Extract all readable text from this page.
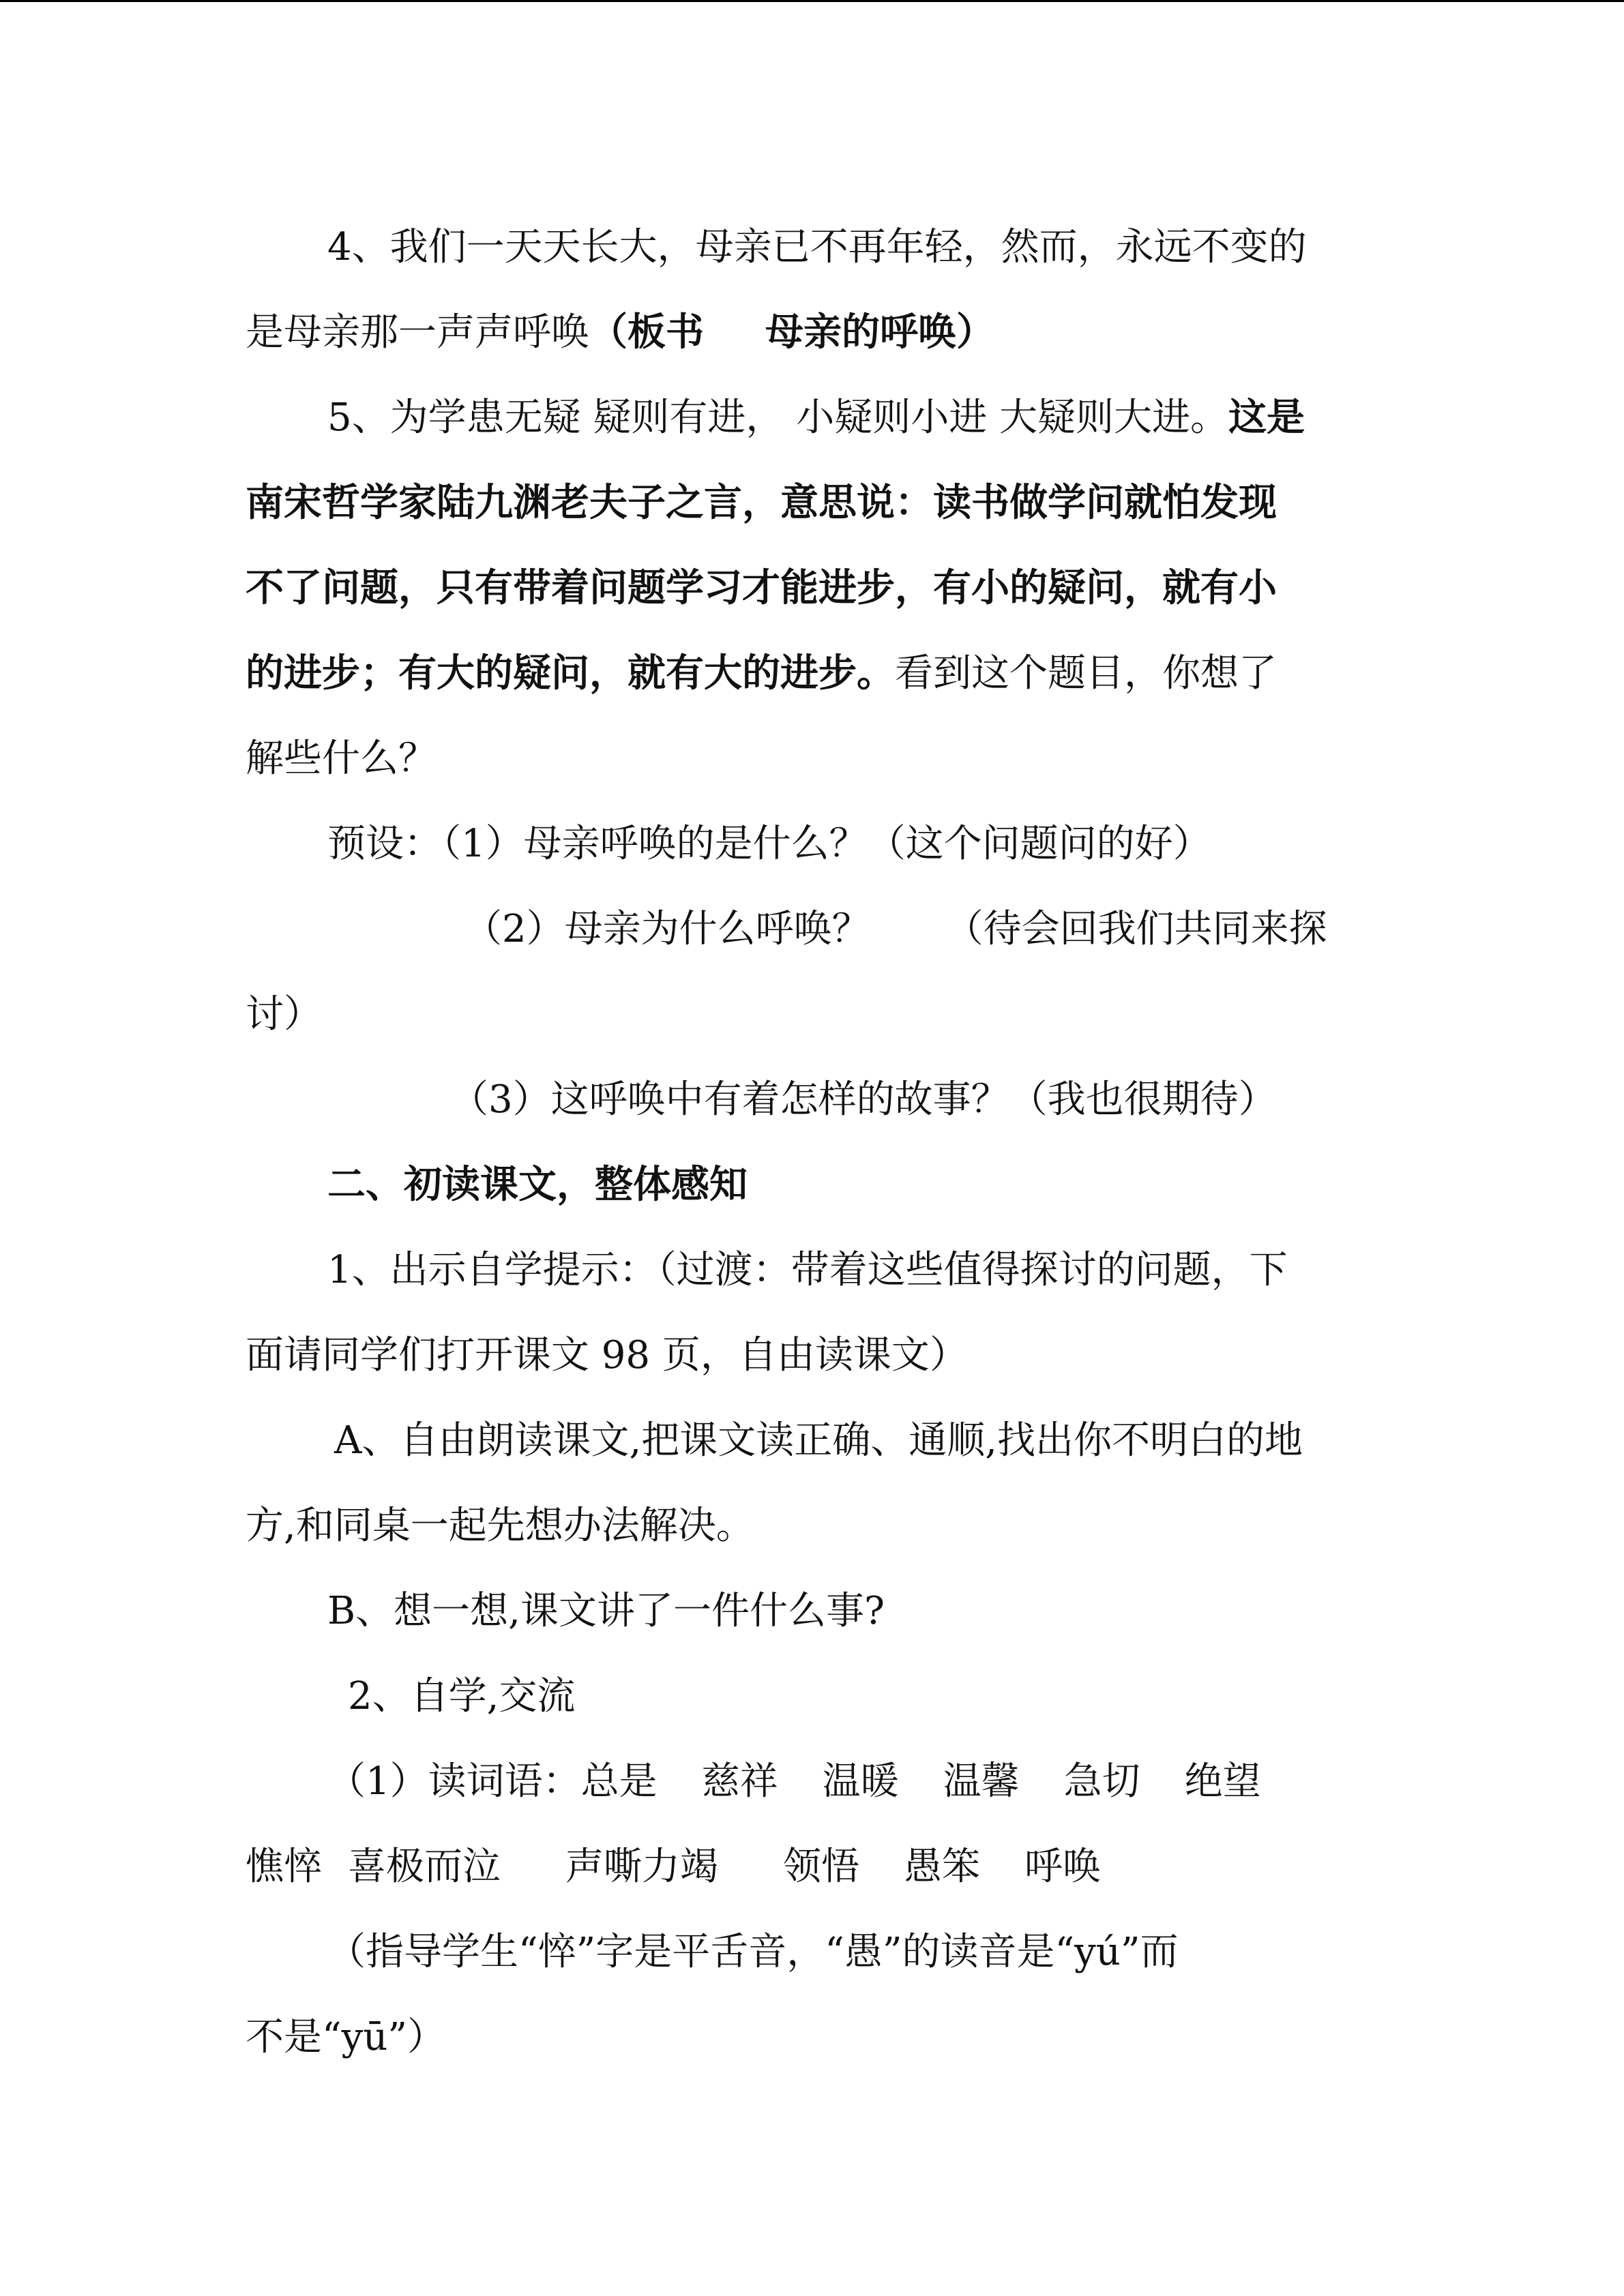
4、我们一天天长大，母亲已不再年轻，然而，永远不变的
是母亲那一声声呼唤（板书 母亲的呼唤）
5、为学患无疑 疑则有进， 小疑则小进 大疑则大进。这是
南宋哲学家陆九渊老夫子之言，意思说：读书做学问就怕发现
不了问题，只有带着问题学习才能进步，有小的疑问，就有小
的进步；有大的疑问，就有大的进步。看到这个题目，你想了
解些什么？
预设：（1）母亲呼唤的是什么？（这个问题问的好）
（2）母亲为什么呼唤？ （待会回我们共同来探
讨）
（3）这呼唤中有着怎样的故事？（我也很期待）
二、初读课文，整体感知
1、出示自学提示：（过渡：带着这些值得探讨的问题，下
面请同学们打开课文 98 页，自由读课文）
A、自由朗读课文,把课文读正确、通顺,找出你不明白的地
方,和同桌一起先想办法解决。
B、想一想,课文讲了一件什么事?
2、自学,交流
（1）读词语：总是 慈祥 温暖 温馨 急切 绝望
憔悴 喜极而泣 声嘶力竭 领悟 愚笨 呼唤
（指导学生“悴”字是平舌音，“愚”的读音是“yú”而
不是“yū”）
